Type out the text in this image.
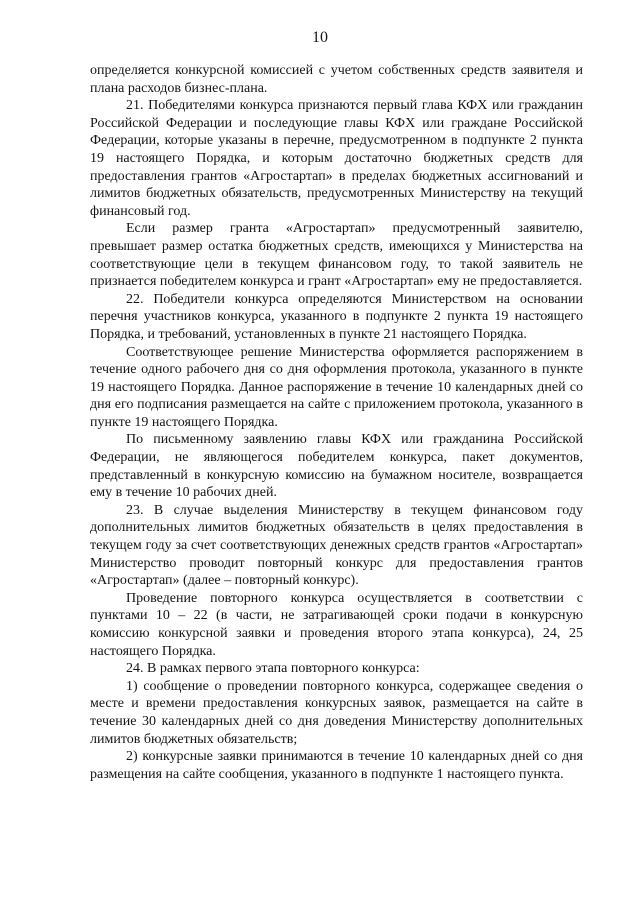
10

определяется конкурсной комиссией с учетом собственных средств заявителя и плана расходов бизнес-плана.

21. Победителями конкурса признаются первый глава КФХ или гражданин Российской Федерации и последующие главы КФХ или граждане Российской Федерации, которые указаны в перечне, предусмотренном в подпункте 2 пункта 19 настоящего Порядка, и которым достаточно бюджетных средств для предоставления грантов «Агростартап» в пределах бюджетных ассигнований и лимитов бюджетных обязательств, предусмотренных Министерству на текущий финансовый год.

Если размер гранта «Агростартап» предусмотренный заявителю, превышает размер остатка бюджетных средств, имеющихся у Министерства на соответствующие цели в текущем финансовом году, то такой заявитель не признается победителем конкурса и грант «Агростартап» ему не предоставляется.

22. Победители конкурса определяются Министерством на основании перечня участников конкурса, указанного в подпункте 2 пункта 19 настоящего Порядка, и требований, установленных в пункте 21 настоящего Порядка.

Соответствующее решение Министерства оформляется распоряжением в течение одного рабочего дня со дня оформления протокола, указанного в пункте 19 настоящего Порядка. Данное распоряжение в течение 10 календарных дней со дня его подписания размещается на сайте с приложением протокола, указанного в пункте 19 настоящего Порядка.

По письменному заявлению главы КФХ или гражданина Российской Федерации, не являющегося победителем конкурса, пакет документов, представленный в конкурсную комиссию на бумажном носителе, возвращается ему в течение 10 рабочих дней.

23. В случае выделения Министерству в текущем финансовом году дополнительных лимитов бюджетных обязательств в целях предоставления в текущем году за счет соответствующих денежных средств грантов «Агростартап» Министерство проводит повторный конкурс для предоставления грантов «Агростартап» (далее – повторный конкурс).

Проведение повторного конкурса осуществляется в соответствии с пунктами 10 – 22 (в части, не затрагивающей сроки подачи в конкурсную комиссию конкурсной заявки и проведения второго этапа конкурса), 24, 25 настоящего Порядка.

24. В рамках первого этапа повторного конкурса:

1) сообщение о проведении повторного конкурса, содержащее сведения о месте и времени предоставления конкурсных заявок, размещается на сайте в течение 30 календарных дней со дня доведения Министерству дополнительных лимитов бюджетных обязательств;

2) конкурсные заявки принимаются в течение 10 календарных дней со дня размещения на сайте сообщения, указанного в подпункте 1 настоящего пункта.
